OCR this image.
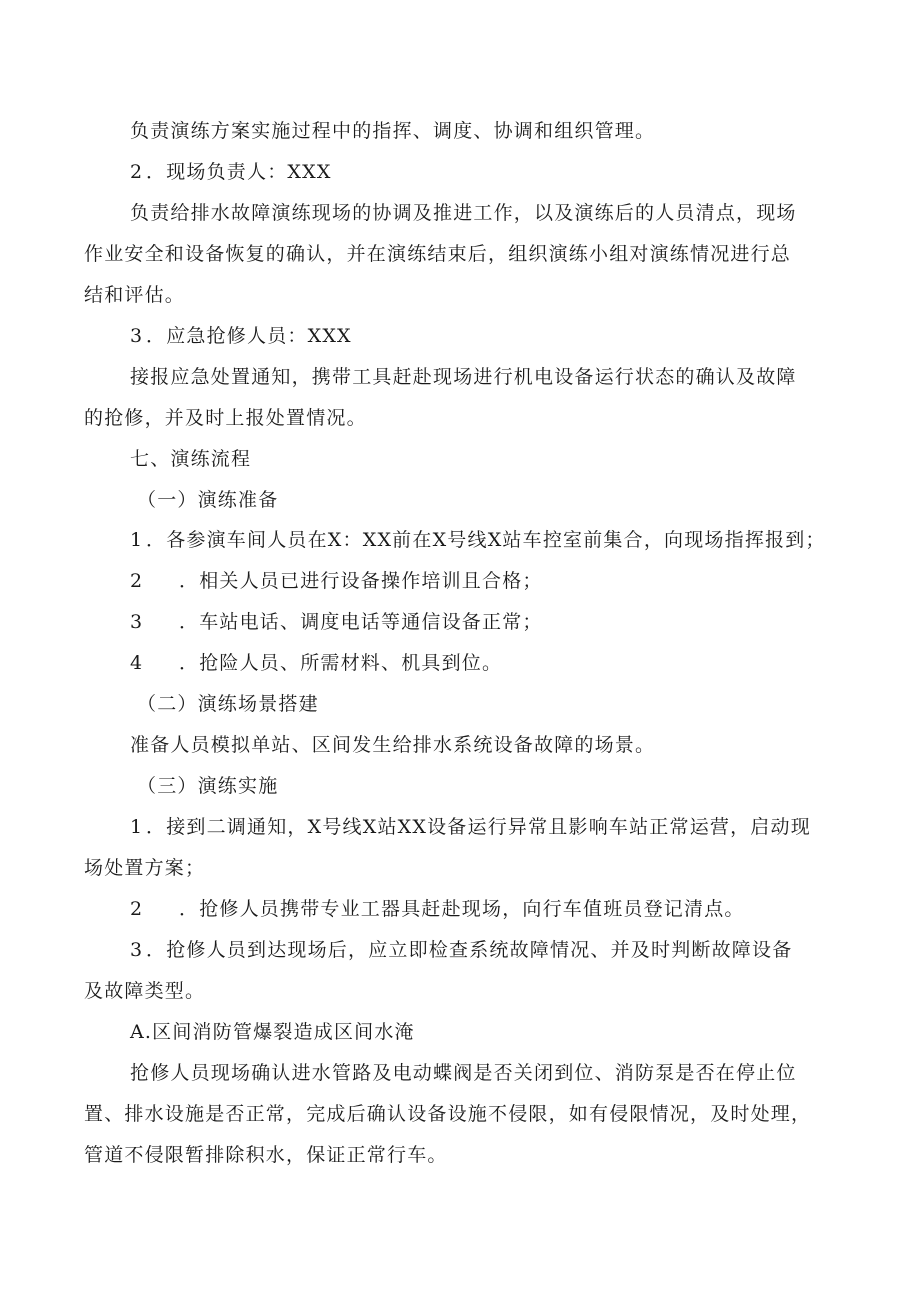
负责演练方案实施过程中的指挥、调度、协调和组织管理。
2 ．现场负责人：XXX
负责给排水故障演练现场的协调及推进工作，以及演练后的人员清点，现场
作业安全和设备恢复的确认，并在演练结束后，组织演练小组对演练情况进行总
结和评估。
3 ．应急抢修人员：XXX
接报应急处置通知，携带工具赶赴现场进行机电设备运行状态的确认及故障
的抢修，并及时上报处置情况。
七、演练流程
（一）演练准备
1 ．各参演车间人员在X：XX前在X号线X站车控室前集合，向现场指挥报到；
2 ．相关人员已进行设备操作培训且合格；
3 ．车站电话、调度电话等通信设备正常；
4 ．抢险人员、所需材料、机具到位。
（二）演练场景搭建
准备人员模拟单站、区间发生给排水系统设备故障的场景。
（三）演练实施
1 ．接到二调通知，X号线X站XX设备运行异常且影响车站正常运营，启动现
场处置方案；
2 ．抢修人员携带专业工器具赶赴现场，向行车值班员登记清点。
3 ．抢修人员到达现场后，应立即检查系统故障情况、并及时判断故障设备
及故障类型。
A.区间消防管爆裂造成区间水淹
抢修人员现场确认进水管路及电动蝶阀是否关闭到位、消防泵是否在停止位
置、排水设施是否正常，完成后确认设备设施不侵限，如有侵限情况，及时处理，
管道不侵限暂排除积水，保证正常行车。
